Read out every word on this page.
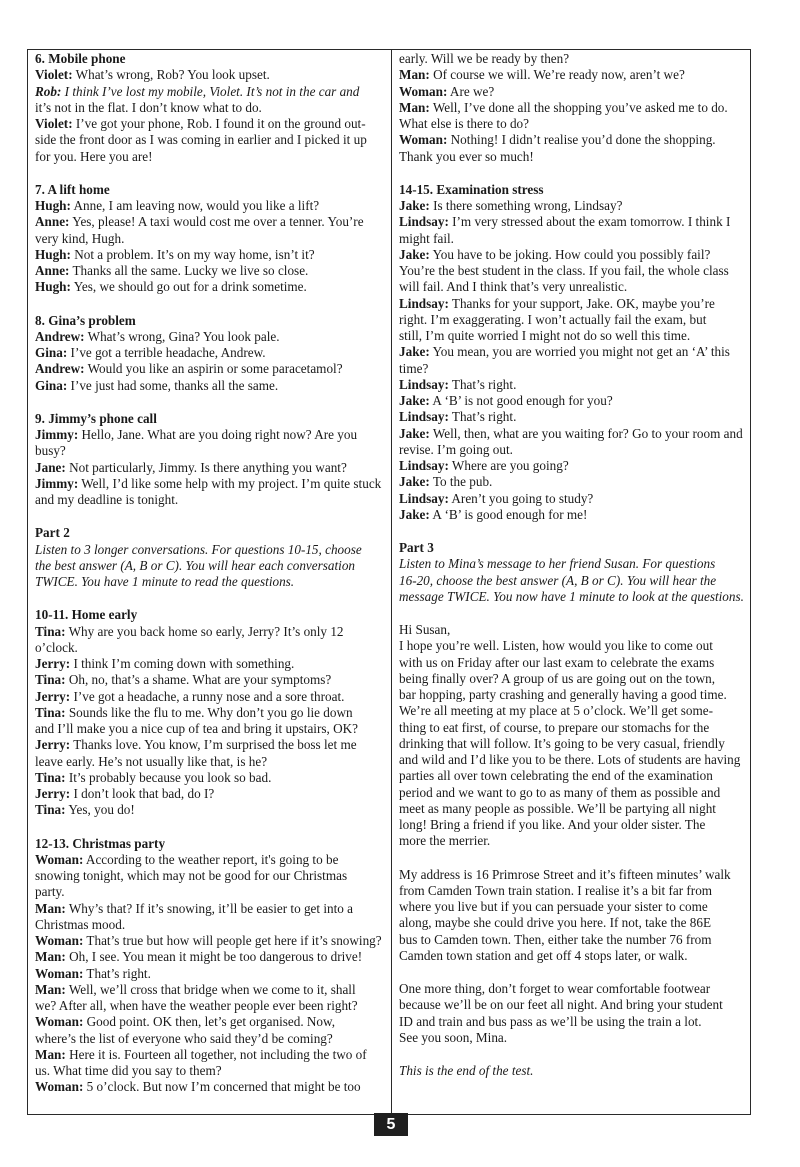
6. Mobile phone
Violet: What’s wrong, Rob? You look upset.
Rob: I think I’ve lost my mobile, Violet. It’s not in the car and
it’s not in the flat. I don’t know what to do.
Violet: I’ve got your phone, Rob. I found it on the ground out-
side the front door as I was coming in earlier and I picked it up
for you. Here you are!
7. A lift home
Hugh: Anne, I am leaving now, would you like a lift?
Anne: Yes, please! A taxi would cost me over a tenner. You’re
very kind, Hugh.
Hugh: Not a problem. It’s on my way home, isn’t it?
Anne: Thanks all the same. Lucky we live so close.
Hugh: Yes, we should go out for a drink sometime.
8. Gina’s problem
Andrew: What’s wrong, Gina? You look pale.
Gina: I’ve got a terrible headache, Andrew.
Andrew: Would you like an aspirin or some paracetamol?
Gina: I’ve just had some, thanks all the same.
9. Jimmy’s phone call
Jimmy: Hello, Jane. What are you doing right now? Are you
busy?
Jane: Not particularly, Jimmy. Is there anything you want?
Jimmy: Well, I’d like some help with my project. I’m quite stuck
and my deadline is tonight.
Part 2
Listen to 3 longer conversations. For questions 10-15, choose
the best answer (A, B or C). You will hear each conversation
TWICE. You have 1 minute to read the questions.
10-11. Home early
Tina: Why are you back home so early, Jerry? It’s only 12
o’clock.
Jerry: I think I’m coming down with something.
Tina: Oh, no, that’s a shame. What are your symptoms?
Jerry: I’ve got a headache, a runny nose and a sore throat.
Tina: Sounds like the flu to me. Why don’t you go lie down
and I’ll make you a nice cup of tea and bring it upstairs, OK?
Jerry: Thanks love. You know, I’m surprised the boss let me
leave early. He’s not usually like that, is he?
Tina: It’s probably because you look so bad.
Jerry: I don’t look that bad, do I?
Tina: Yes, you do!
12-13. Christmas party
Woman: According to the weather report, it's going to be
snowing tonight, which may not be good for our Christmas
party.
Man: Why’s that? If it’s snowing, it’ll be easier to get into a
Christmas mood.
Woman: That’s true but how will people get here if it’s snowing?
Man: Oh, I see. You mean it might be too dangerous to drive!
Woman: That’s right.
Man: Well, we’ll cross that bridge when we come to it, shall
we? After all, when have the weather people ever been right?
Woman: Good point. OK then, let’s get organised. Now,
where’s the list of everyone who said they’d be coming?
Man: Here it is. Fourteen all together, not including the two of
us. What time did you say to them?
Woman: 5 o’clock. But now I’m concerned that might be too
early. Will we be ready by then?
Man: Of course we will. We’re ready now, aren’t we?
Woman: Are we?
Man: Well, I’ve done all the shopping you’ve asked me to do.
What else is there to do?
Woman: Nothing! I didn’t realise you’d done the shopping.
Thank you ever so much!
14-15. Examination stress
Jake: Is there something wrong, Lindsay?
Lindsay: I’m very stressed about the exam tomorrow. I think I
might fail.
Jake: You have to be joking. How could you possibly fail?
You’re the best student in the class. If you fail, the whole class
will fail. And I think that’s very unrealistic.
Lindsay: Thanks for your support, Jake. OK, maybe you’re
right. I’m exaggerating. I won’t actually fail the exam, but
still, I’m quite worried I might not do so well this time.
Jake: You mean, you are worried you might not get an ‘A’ this
time?
Lindsay: That’s right.
Jake: A ‘B’ is not good enough for you?
Lindsay: That’s right.
Jake: Well, then, what are you waiting for? Go to your room and
revise. I’m going out.
Lindsay: Where are you going?
Jake: To the pub.
Lindsay: Aren’t you going to study?
Jake: A ‘B’ is good enough for me!
Part 3
Listen to Mina’s message to her friend Susan. For questions
16-20, choose the best answer (A, B or C). You will hear the
message TWICE. You now have 1 minute to look at the questions.
Hi Susan,
I hope you’re well. Listen, how would you like to come out
with us on Friday after our last exam to celebrate the exams
being finally over? A group of us are going out on the town,
bar hopping, party crashing and generally having a good time.
We’re all meeting at my place at 5 o’clock. We’ll get some-
thing to eat first, of course, to prepare our stomachs for the
drinking that will follow. It’s going to be very casual, friendly
and wild and I’d like you to be there. Lots of students are having
parties all over town celebrating the end of the examination
period and we want to go to as many of them as possible and
meet as many people as possible. We’ll be partying all night
long! Bring a friend if you like. And your older sister. The
more the merrier.
My address is 16 Primrose Street and it’s fifteen minutes’ walk
from Camden Town train station. I realise it’s a bit far from
where you live but if you can persuade your sister to come
along, maybe she could drive you here. If not, take the 86E
bus to Camden town. Then, either take the number 76 from
Camden town station and get off 4 stops later, or walk.
One more thing, don’t forget to wear comfortable footwear
because we’ll be on our feet all night. And bring your student
ID and train and bus pass as we’ll be using the train a lot.
See you soon, Mina.
This is the end of the test.
5
